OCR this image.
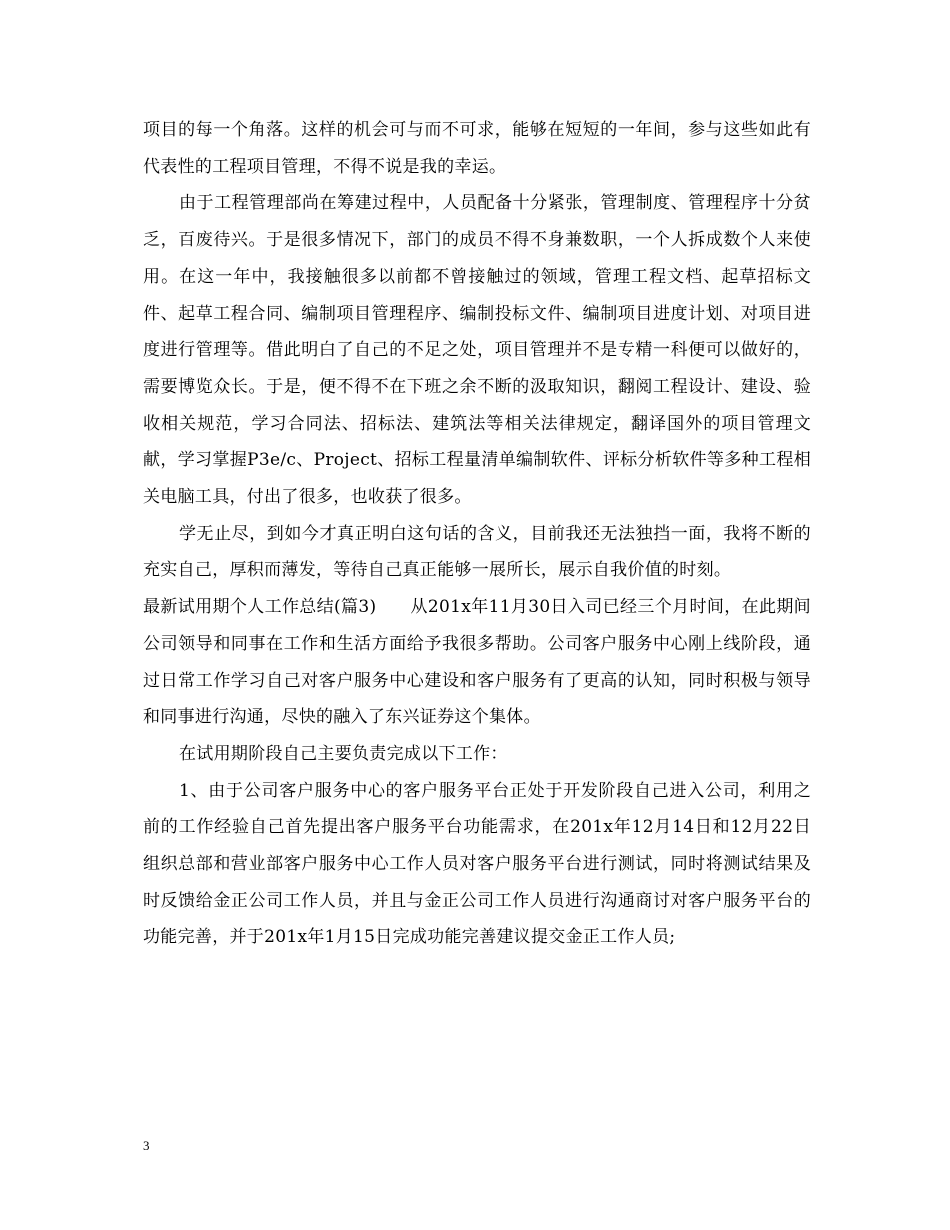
项目的每一个角落。这样的机会可与而不可求，能够在短短的一年间，参与这些如此有代表性的工程项目管理，不得不说是我的幸运。

由于工程管理部尚在筹建过程中，人员配备十分紧张，管理制度、管理程序十分贫乏，百废待兴。于是很多情况下，部门的成员不得不身兼数职，一个人拆成数个人来使用。在这一年中，我接触很多以前都不曾接触过的领域，管理工程文档、起草招标文件、起草工程合同、编制项目管理程序、编制投标文件、编制项目进度计划、对项目进度进行管理等。借此明白了自己的不足之处，项目管理并不是专精一科便可以做好的，需要博览众长。于是，便不得不在下班之余不断的汲取知识，翻阅工程设计、建设、验收相关规范，学习合同法、招标法、建筑法等相关法律规定，翻译国外的项目管理文献，学习掌握P3e/c、Project、招标工程量清单编制软件、评标分析软件等多种工程相关电脑工具，付出了很多，也收获了很多。

学无止尽，到如今才真正明白这句话的含义，目前我还无法独挡一面，我将不断的充实自己，厚积而薄发，等待自己真正能够一展所长，展示自我价值的时刻。

最新试用期个人工作总结(篇3) 从201x年11月30日入司已经三个月时间，在此期间公司领导和同事在工作和生活方面给予我很多帮助。公司客户服务中心刚上线阶段，通过日常工作学习自己对客户服务中心建设和客户服务有了更高的认知，同时积极与领导和同事进行沟通，尽快的融入了东兴证券这个集体。

在试用期阶段自己主要负责完成以下工作：

1、由于公司客户服务中心的客户服务平台正处于开发阶段自己进入公司，利用之前的工作经验自己首先提出客户服务平台功能需求，在201x年12月14日和12月22日组织总部和营业部客户服务中心工作人员对客户服务平台进行测试，同时将测试结果及时反馈给金正公司工作人员，并且与金正公司工作人员进行沟通商讨对客户服务平台的功能完善，并于201x年1月15日完成功能完善建议提交金正工作人员;

3
